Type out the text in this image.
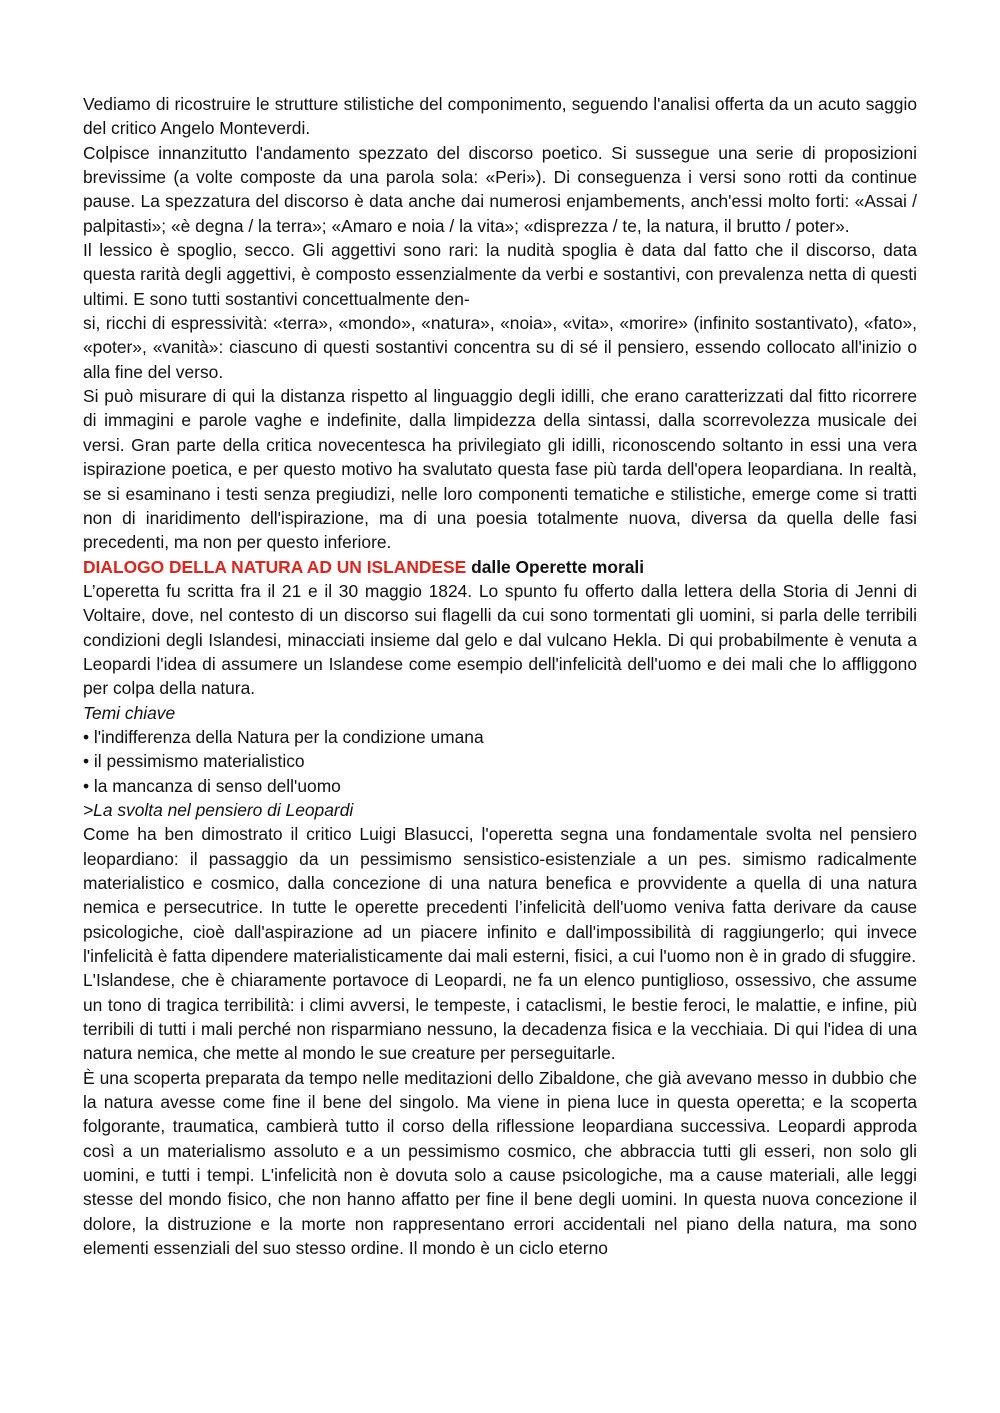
Vediamo di ricostruire le strutture stilistiche del componimento, seguendo l'analisi offerta da un acuto saggio del critico Angelo Monteverdi.

Colpisce innanzitutto l'andamento spezzato del discorso poetico. Si sussegue una serie di proposizioni brevissime (a volte composte da una parola sola: «Peri»). Di conseguenza i versi sono rotti da continue pause. La spezzatura del discorso è data anche dai numerosi enjambements, anch'essi molto forti: «Assai / palpitasti»; «è degna / la terra»; «Amaro e noia / la vita»; «disprezza / te, la natura, il brutto / poter».

Il lessico è spoglio, secco. Gli aggettivi sono rari: la nudità spoglia è data dal fatto che il discorso, data questa rarità degli aggettivi, è composto essenzialmente da verbi e sostantivi, con prevalenza netta di questi ultimi. E sono tutti sostantivi concettualmente den-

si, ricchi di espressività: «terra», «mondo», «natura», «noia», «vita», «morire» (infinito sostantivato), «fato», «poter», «vanità»: ciascuno di questi sostantivi concentra su di sé il pensiero, essendo collocato all'inizio o alla fine del verso.

Si può misurare di qui la distanza rispetto al linguaggio degli idilli, che erano caratterizzati dal fitto ricorrere di immagini e parole vaghe e indefinite, dalla limpidezza della sintassi, dalla scorrevolezza musicale dei versi. Gran parte della critica novecentesca ha privilegiato gli idilli, riconoscendo soltanto in essi una vera ispirazione poetica, e per questo motivo ha svalutato questa fase più tarda dell'opera leopardiana. In realtà, se si esaminano i testi senza pregiudizi, nelle loro componenti tematiche e stilistiche, emerge come si tratti non di inaridimento dell'ispirazione, ma di una poesia totalmente nuova, diversa da quella delle fasi precedenti, ma non per questo inferiore.

DIALOGO DELLA NATURA AD UN ISLANDESE dalle Operette morali

L’operetta fu scritta fra il 21 e il 30 maggio 1824. Lo spunto fu offerto dalla lettera della Storia di Jenni di Voltaire, dove, nel contesto di un discorso sui flagelli da cui sono tormentati gli uomini, si parla delle terribili condizioni degli Islandesi, minacciati insieme dal gelo e dal vulcano Hekla. Di qui probabilmente è venuta a Leopardi l'idea di assumere un Islandese come esempio dell'infelicità dell'uomo e dei mali che lo affliggono per colpa della natura.

Temi chiave

• l'indifferenza della Natura per la condizione umana

• il pessimismo materialistico

• la mancanza di senso dell'uomo

>La svolta nel pensiero di Leopardi

Come ha ben dimostrato il critico Luigi Blasucci, l'operetta segna una fondamentale svolta nel pensiero leopardiano: il passaggio da un pessimismo sensistico-esistenziale a un pes. simismo radicalmente materialistico e cosmico, dalla concezione di una natura benefica e provvidente a quella di una natura nemica e persecutrice. In tutte le operette precedenti l’infelicità dell'uomo veniva fatta derivare da cause psicologiche, cioè dall'aspirazione ad un piacere infinito e dall'impossibilità di raggiungerlo; qui invece l'infelicità è fatta dipendere materialisticamente dai mali esterni, fisici, a cui l'uomo non è in grado di sfuggire.

L'Islandese, che è chiaramente portavoce di Leopardi, ne fa un elenco puntiglioso, ossessivo, che assume un tono di tragica terribilità: i climi avversi, le tempeste, i cataclismi, le bestie feroci, le malattie, e infine, più terribili di tutti i mali perché non risparmiano nessuno, la decadenza fisica e la vecchiaia. Di qui l'idea di una natura nemica, che mette al mondo le sue creature per perseguitarle.

È una scoperta preparata da tempo nelle meditazioni dello Zibaldone, che già avevano messo in dubbio che la natura avesse come fine il bene del singolo. Ma viene in piena luce in questa operetta; e la scoperta folgorante, traumatica, cambierà tutto il corso della riflessione leopardiana successiva. Leopardi approda così a un materialismo assoluto e a un pessimismo cosmico, che abbraccia tutti gli esseri, non solo gli uomini, e tutti i tempi. L'infelicità non è dovuta solo a cause psicologiche, ma a cause materiali, alle leggi stesse del mondo fisico, che non hanno affatto per fine il bene degli uomini. In questa nuova concezione il dolore, la distruzione e la morte non rappresentano errori accidentali nel piano della natura, ma sono elementi essenziali del suo stesso ordine. Il mondo è un ciclo eterno
